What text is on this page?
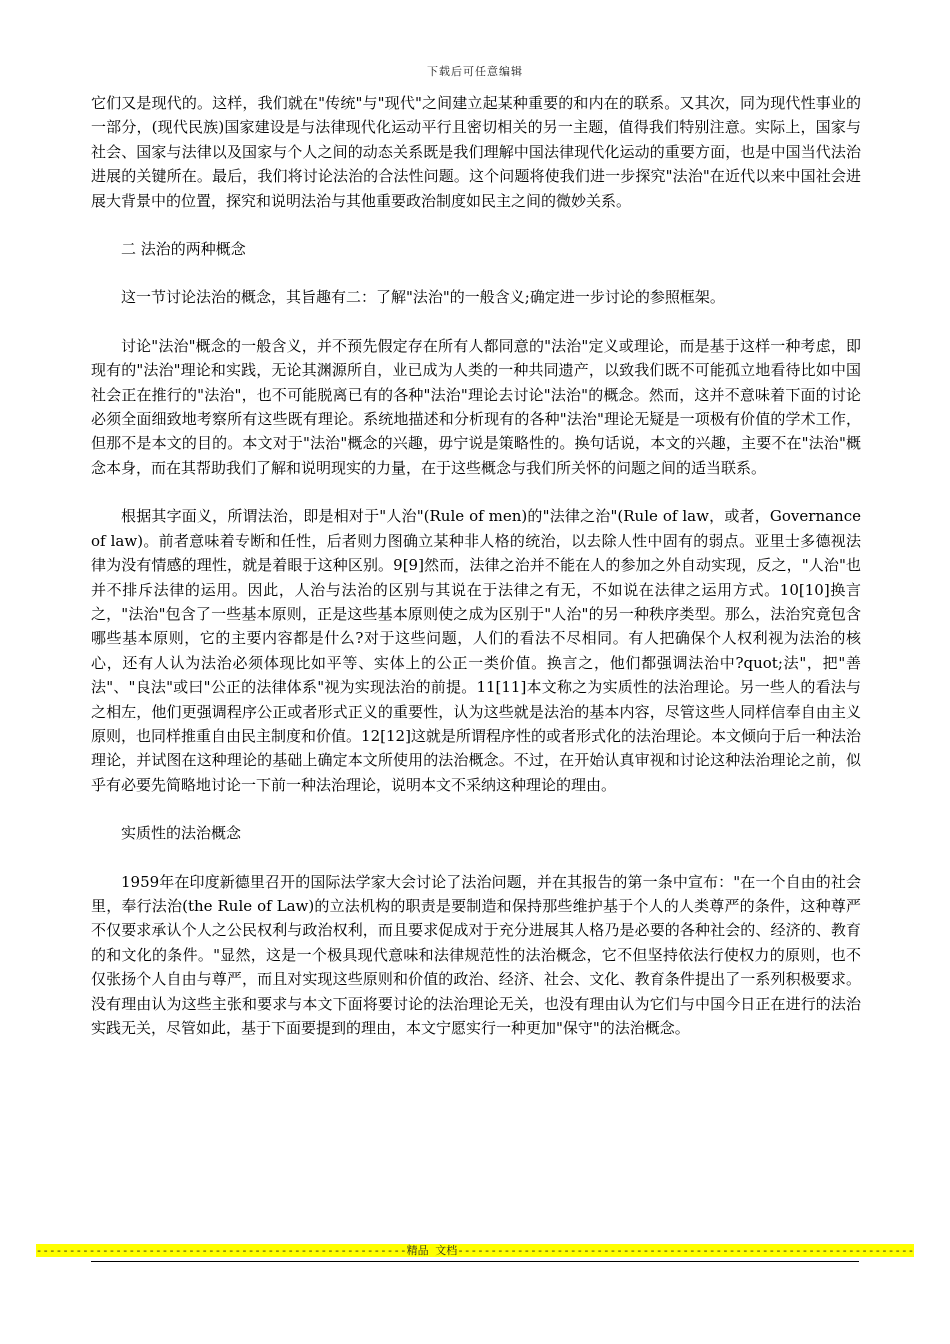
下载后可任意编辑

它们又是现代的。这样，我们就在"传统"与"现代"之间建立起某种重要的和内在的联系。又其次，同为现代性事业的一部分，(现代民族)国家建设是与法律现代化运动平行且密切相关的另一主题，值得我们特别注意。实际上，国家与社会、国家与法律以及国家与个人之间的动态关系既是我们理解中国法律现代化运动的重要方面，也是中国当代法治进展的关键所在。最后，我们将讨论法治的合法性问题。这个问题将使我们进一步探究"法治"在近代以来中国社会进展大背景中的位置，探究和说明法治与其他重要政治制度如民主之间的微妙关系。

二 法治的两种概念

这一节讨论法治的概念，其旨趣有二：了解"法治"的一般含义;确定进一步讨论的参照框架。

讨论"法治"概念的一般含义，并不预先假定存在所有人都同意的"法治"定义或理论，而是基于这样一种考虑，即现有的"法治"理论和实践，无论其渊源所自，业已成为人类的一种共同遗产，以致我们既不可能孤立地看待比如中国社会正在推行的"法治"，也不可能脱离已有的各种"法治"理论去讨论"法治"的概念。然而，这并不意味着下面的讨论必须全面细致地考察所有这些既有理论。系统地描述和分析现有的各种"法治"理论无疑是一项极有价值的学术工作，但那不是本文的目的。本文对于"法治"概念的兴趣，毋宁说是策略性的。换句话说，本文的兴趣，主要不在"法治"概念本身，而在其帮助我们了解和说明现实的力量，在于这些概念与我们所关怀的问题之间的适当联系。

根据其字面义，所谓法治，即是相对于"人治"(Rule of men)的"法律之治"(Rule of law，或者，Governance of law)。前者意味着专断和任性，后者则力图确立某种非人格的统治，以去除人性中固有的弱点。亚里士多德视法律为没有情感的理性，就是着眼于这种区别。9[9]然而，法律之治并不能在人的参加之外自动实现，反之，"人治"也并不排斥法律的运用。因此，人治与法治的区别与其说在于法律之有无，不如说在法律之运用方式。10[10]换言之，"法治"包含了一些基本原则，正是这些基本原则使之成为区别于"人治"的另一种秩序类型。那么，法治究竟包含哪些基本原则，它的主要内容都是什么?对于这些问题，人们的看法不尽相同。有人把确保个人权利视为法治的核心，还有人认为法治必须体现比如平等、实体上的公正一类价值。换言之，他们都强调法治中?quot;法"，把"善法"、"良法"或曰"公正的法律体系"视为实现法治的前提。11[11]本文称之为实质性的法治理论。另一些人的看法与之相左，他们更强调程序公正或者形式正义的重要性，认为这些就是法治的基本内容，尽管这些人同样信奉自由主义原则，也同样推重自由民主制度和价值。12[12]这就是所谓程序性的或者形式化的法治理论。本文倾向于后一种法治理论，并试图在这种理论的基础上确定本文所使用的法治概念。不过，在开始认真审视和讨论这种法治理论之前，似乎有必要先简略地讨论一下前一种法治理论，说明本文不采纳这种理论的理由。

实质性的法治概念

1959年在印度新德里召开的国际法学家大会讨论了法治问题，并在其报告的第一条中宣布："在一个自由的社会里，奉行法治(the Rule of Law)的立法机构的职责是要制造和保持那些维护基于个人的人类尊严的条件，这种尊严不仅要求承认个人之公民权利与政治权利，而且要求促成对于充分进展其人格乃是必要的各种社会的、经济的、教育的和文化的条件。"显然，这是一个极具现代意味和法律规范性的法治概念，它不但坚持依法行使权力的原则，也不仅张扬个人自由与尊严，而且对实现这些原则和价值的政治、经济、社会、文化、教育条件提出了一系列积极要求。没有理由认为这些主张和要求与本文下面将要讨论的法治理论无关，也没有理由认为它们与中国今日正在进行的法治实践无关，尽管如此，基于下面要提到的理由，本文宁愿实行一种更加"保守"的法治概念。

--------------------------------------------------------精品 文档---------------------------------------------------------------------
